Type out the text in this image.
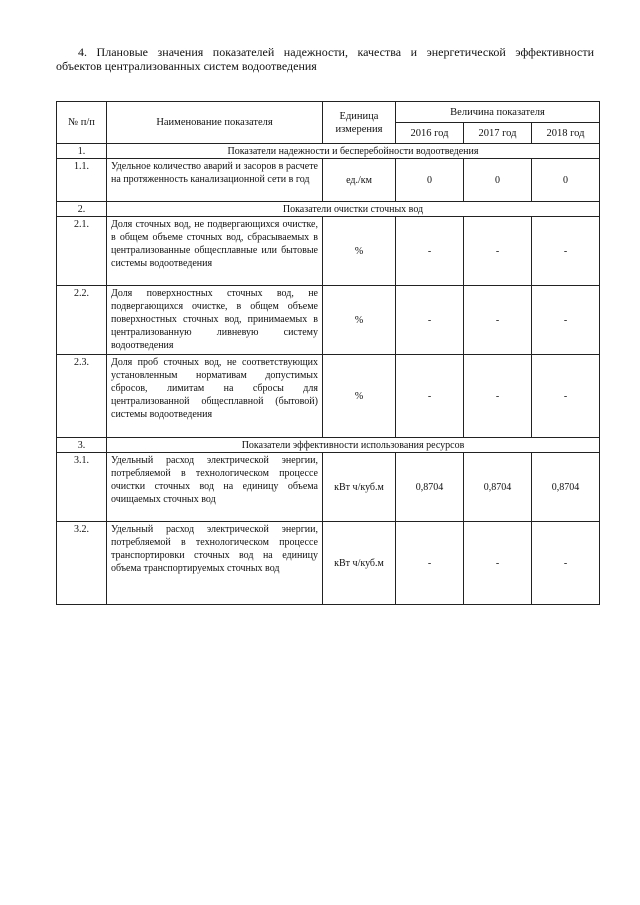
4. Плановые значения показателей надежности, качества и энергетической эффективности
объектов централизованных систем водоотведения
№ п/п	Наименование показателя	Единица измерения	Величина показателя		
			2016 год	2017 год	2018 год
1.	Показатели надежности и бесперебойности водоотведения				
1.1.	Удельное количество аварий и засоров в расчете на протяженность канализационной сети в год	ед./км	0	0	0
2.	Показатели очистки сточных вод				
2.1.	Доля сточных вод, не подвергающихся очистке, в общем объеме сточных вод, сбрасываемых в централизованные общесплавные или бытовые системы водоотведения	%	-	-	-
2.2.	Доля поверхностных сточных вод, не подвергающихся очистке, в общем объеме поверхностных сточных вод, принимаемых в централизованную ливневую систему водоотведения	%	-	-	-
2.3.	Доля проб сточных вод, не соответствующих установленным нормативам допустимых сбросов, лимитам на сбросы для централизованной общесплавной (бытовой) системы водоотведения	%	-	-	-
3.	Показатели эффективности использования ресурсов				
3.1.	Удельный расход электрической энергии, потребляемой в технологическом процессе очистки сточных вод на единицу объема очищаемых сточных вод	кВт ч/куб.м	0,8704	0,8704	0,8704
3.2.	Удельный расход электрической энергии, потребляемой в технологическом процессе транспортировки сточных вод на единицу объема транспортируемых сточных вод	кВт ч/куб.м	-	-	-
